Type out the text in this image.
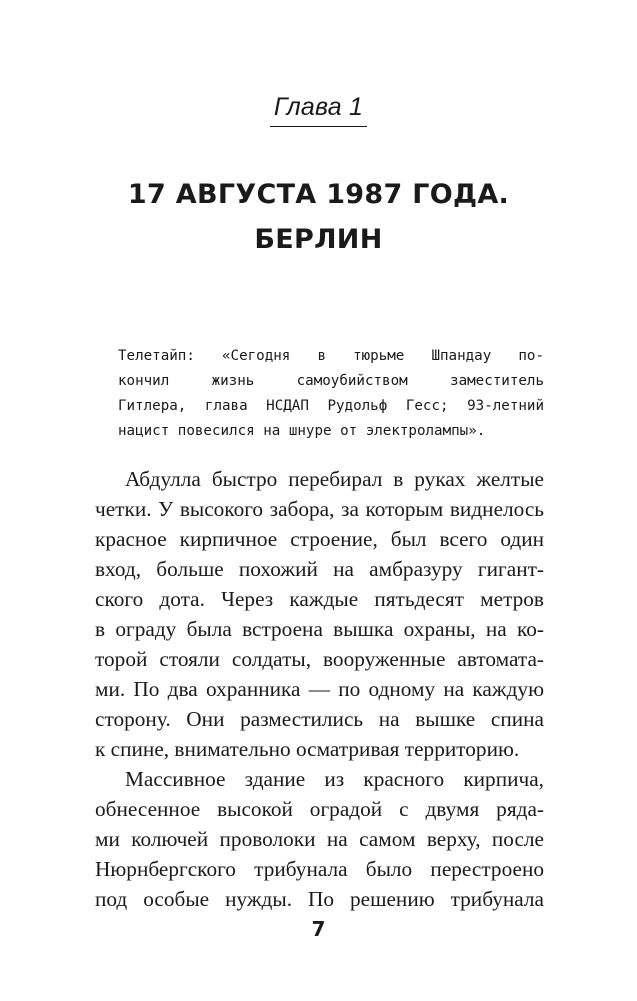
Глава 1
17 АВГУСТА 1987 ГОДА.
БЕРЛИН
Телетайп: «Сегодня в тюрьме Шпандау по-
кончил жизнь самоубийством заместитель
Гитлера, глава НСДАП Рудольф Гесс; 93-летний
нацист повесился на шнуре от электролампы».
Абдулла быстро перебирал в руках желтые
четки. У высокого забора, за которым виднелось
красное кирпичное строение, был всего один
вход, больше похожий на амбразуру гигант-
ского дота. Через каждые пятьдесят метров
в ограду была встроена вышка охраны, на ко-
торой стояли солдаты, вооруженные автомата-
ми. По два охранника — по одному на каждую
сторону. Они разместились на вышке спина
к спине, внимательно осматривая территорию.
Массивное здание из красного кирпича,
обнесенное высокой оградой с двумя ряда-
ми колючей проволоки на самом верху, после
Нюрнбергского трибунала было перестроено
под особые нужды. По решению трибунала
7
